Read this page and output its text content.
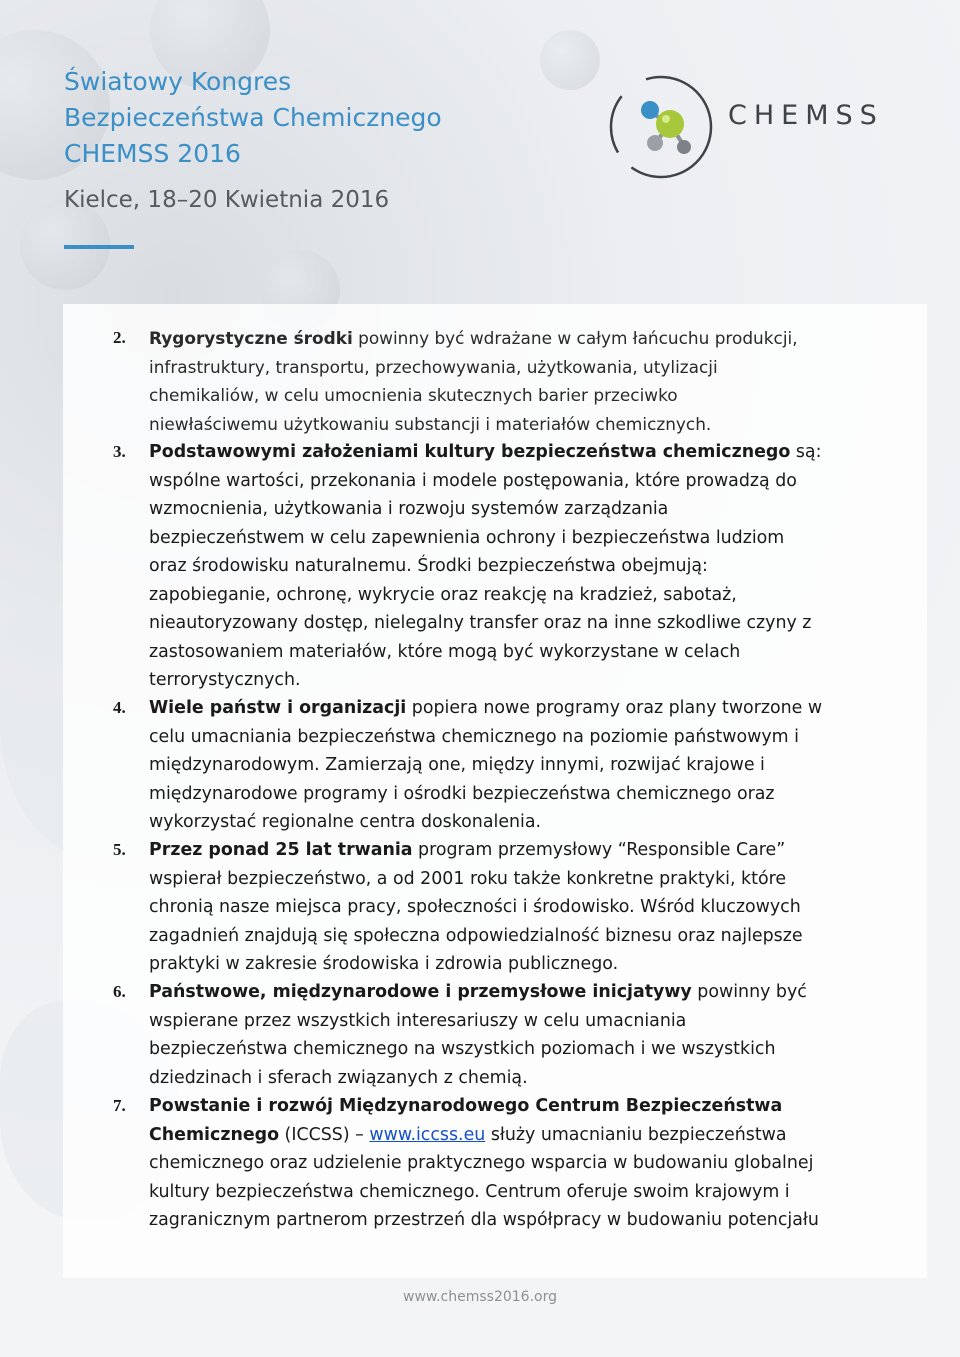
Światowy Kongres
Bezpieczeństwa Chemicznego
CHEMSS 2016
Kielce, 18–20 Kwietnia 2016
CHEMSS
2. Rygorystyczne środki powinny być wdrażane w całym łańcuchu produkcji,
infrastruktury, transportu, przechowywania, użytkowania, utylizacji
chemikaliów, w celu umocnienia skutecznych barier przeciwko
niewłaściwemu użytkowaniu substancji i materiałów chemicznych.
3. Podstawowymi założeniami kultury bezpieczeństwa chemicznego są:
wspólne wartości, przekonania i modele postępowania, które prowadzą do
wzmocnienia, użytkowania i rozwoju systemów zarządzania
bezpieczeństwem w celu zapewnienia ochrony i bezpieczeństwa ludziom
oraz środowisku naturalnemu. Środki bezpieczeństwa obejmują:
zapobieganie, ochronę, wykrycie oraz reakcję na kradzież, sabotaż,
nieautoryzowany dostęp, nielegalny transfer oraz na inne szkodliwe czyny z
zastosowaniem materiałów, które mogą być wykorzystane w celach
terrorystycznych.
4. Wiele państw i organizacji popiera nowe programy oraz plany tworzone w
celu umacniania bezpieczeństwa chemicznego na poziomie państwowym i
międzynarodowym. Zamierzają one, między innymi, rozwijać krajowe i
międzynarodowe programy i ośrodki bezpieczeństwa chemicznego oraz
wykorzystać regionalne centra doskonalenia.
5. Przez ponad 25 lat trwania program przemysłowy “Responsible Care”
wspierał bezpieczeństwo, a od 2001 roku także konkretne praktyki, które
chronią nasze miejsca pracy, społeczności i środowisko. Wśród kluczowych
zagadnień znajdują się społeczna odpowiedzialność biznesu oraz najlepsze
praktyki w zakresie środowiska i zdrowia publicznego.
6. Państwowe, międzynarodowe i przemysłowe inicjatywy powinny być
wspierane przez wszystkich interesariuszy w celu umacniania
bezpieczeństwa chemicznego na wszystkich poziomach i we wszystkich
dziedzinach i sferach związanych z chemią.
7. Powstanie i rozwój Międzynarodowego Centrum Bezpieczeństwa
Chemicznego (ICCSS) – www.iccss.eu służy umacnianiu bezpieczeństwa
chemicznego oraz udzielenie praktycznego wsparcia w budowaniu globalnej
kultury bezpieczeństwa chemicznego. Centrum oferuje swoim krajowym i
zagranicznym partnerom przestrzeń dla współpracy w budowaniu potencjału
www.chemss2016.org
